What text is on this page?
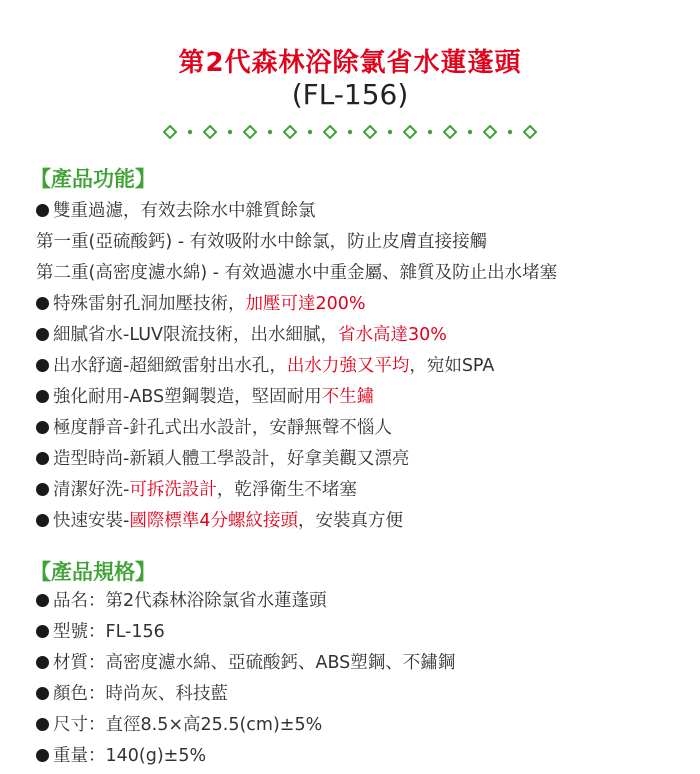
第2代森林浴除氯省水蓮蓬頭
(FL-156)
【產品功能】
雙重過濾，有效去除水中雜質餘氯
第一重(亞硫酸鈣) - 有效吸附水中餘氯，防止皮膚直接接觸
第二重(高密度濾水綿) - 有效過濾水中重金屬、雜質及防止出水堵塞
特殊雷射孔洞加壓技術，加壓可達200%
細膩省水-LUV限流技術，出水細膩，省水高達30%
出水舒適-超細緻雷射出水孔，出水力強又平均，宛如SPA
強化耐用-ABS塑鋼製造，堅固耐用不生鏽
極度靜音-針孔式出水設計，安靜無聲不惱人
造型時尚-新穎人體工學設計，好拿美觀又漂亮
清潔好洗-可拆洗設計，乾淨衛生不堵塞
快速安裝-國際標準4分螺紋接頭，安裝真方便
【產品規格】
品名：第2代森林浴除氯省水蓮蓬頭
型號：FL-156
材質：高密度濾水綿、亞硫酸鈣、ABS塑鋼、不鏽鋼
顏色：時尚灰、科技藍
尺寸：直徑8.5×高25.5(cm)±5%
重量：140(g)±5%
